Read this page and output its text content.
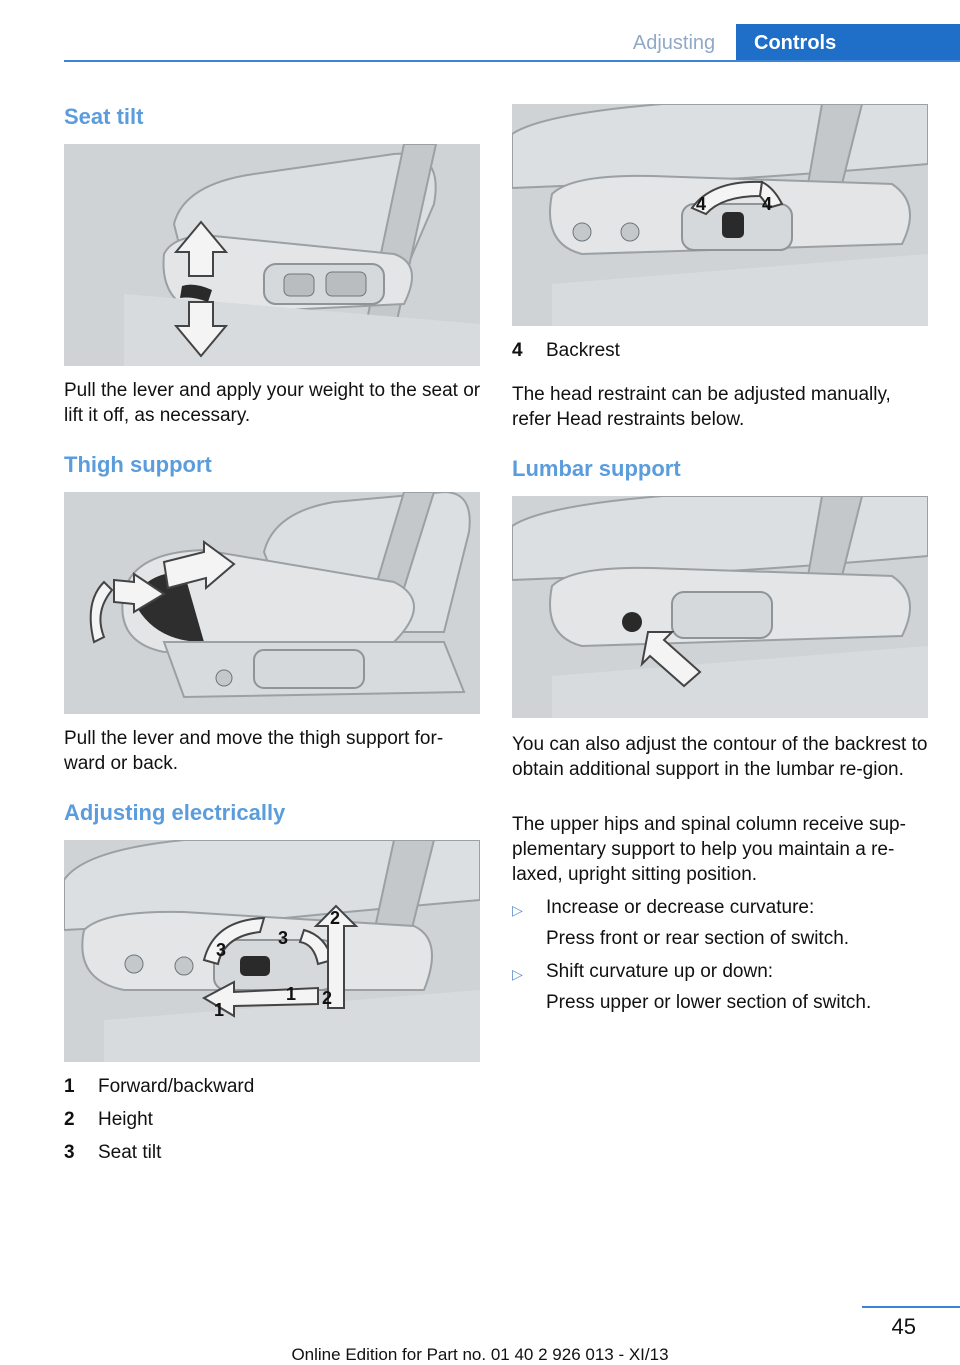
Adjusting	Controls
Seat tilt

Pull the lever and apply your weight to the seat or lift it off, as necessary.

Thigh support

Pull the lever and move the thigh support for‐ward or back.

Adjusting electrically
3
3
2
2
1
1
1	Forward/backward
2	Height
3	Seat tilt
4	4
4	Backrest

The head restraint can be adjusted manually, refer Head restraints below.

Lumbar support

You can also adjust the contour of the backrest to obtain additional support in the lumbar re‐gion.

The upper hips and spinal column receive sup‐plementary support to help you maintain a re‐laxed, upright sitting position.

▷	Increase or decrease curvature:
Press front or rear section of switch.
▷	Shift curvature up or down:
Press upper or lower section of switch.
45
Online Edition for Part no. 01 40 2 926 013 - XI/13
